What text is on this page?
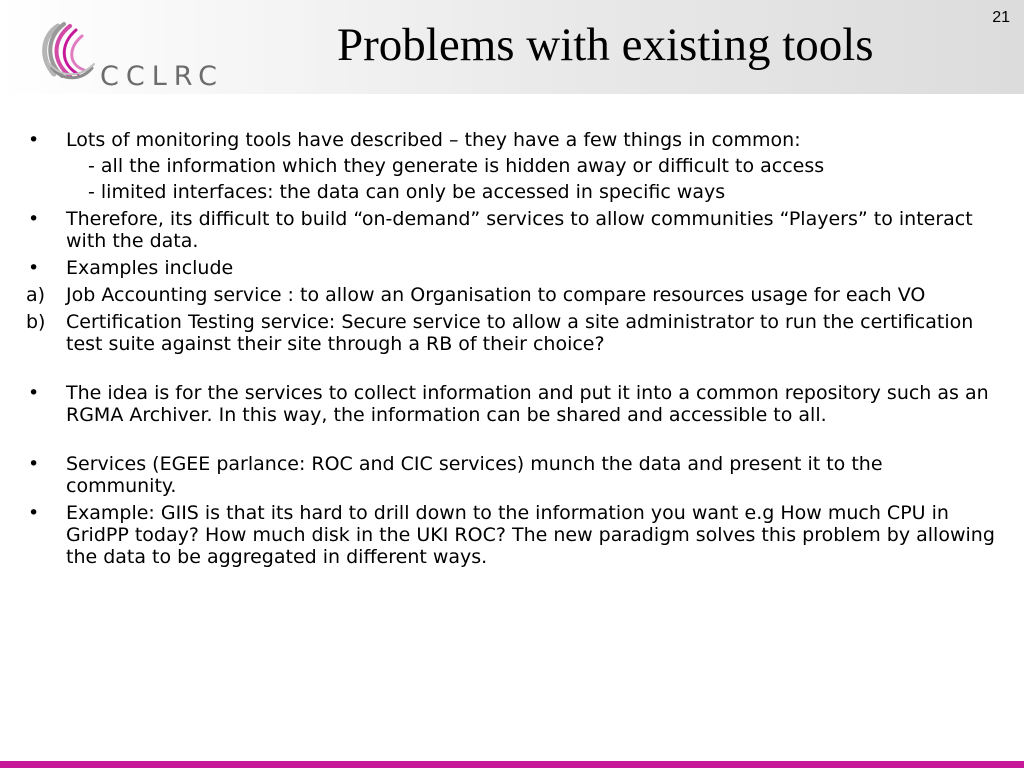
CCLRC
Problems with existing tools
21
•	Lots of monitoring tools have described – they have a few things in common:
- all the information which they generate is hidden away or difficult to access
- limited interfaces: the data can only be accessed in specific ways
•	Therefore, its difficult to build “on-demand” services to allow communities “Players” to interact with the data.
•	Examples include
a)	Job Accounting service : to allow an Organisation to compare resources usage for each VO
b)	Certification Testing service: Secure service to allow a site administrator to run the certification test suite against their site through a RB of their choice?
•	The idea is for the services to collect information and put it into a common repository such as an RGMA Archiver. In this way, the information can be shared and accessible to all.
•	Services (EGEE parlance: ROC and CIC services) munch the data and present it to the community.
•	Example: GIIS is that its hard to drill down to the information you want e.g How much CPU in GridPP today? How much disk in the UKI ROC? The new paradigm solves this problem by allowing the data to be aggregated in different ways.
